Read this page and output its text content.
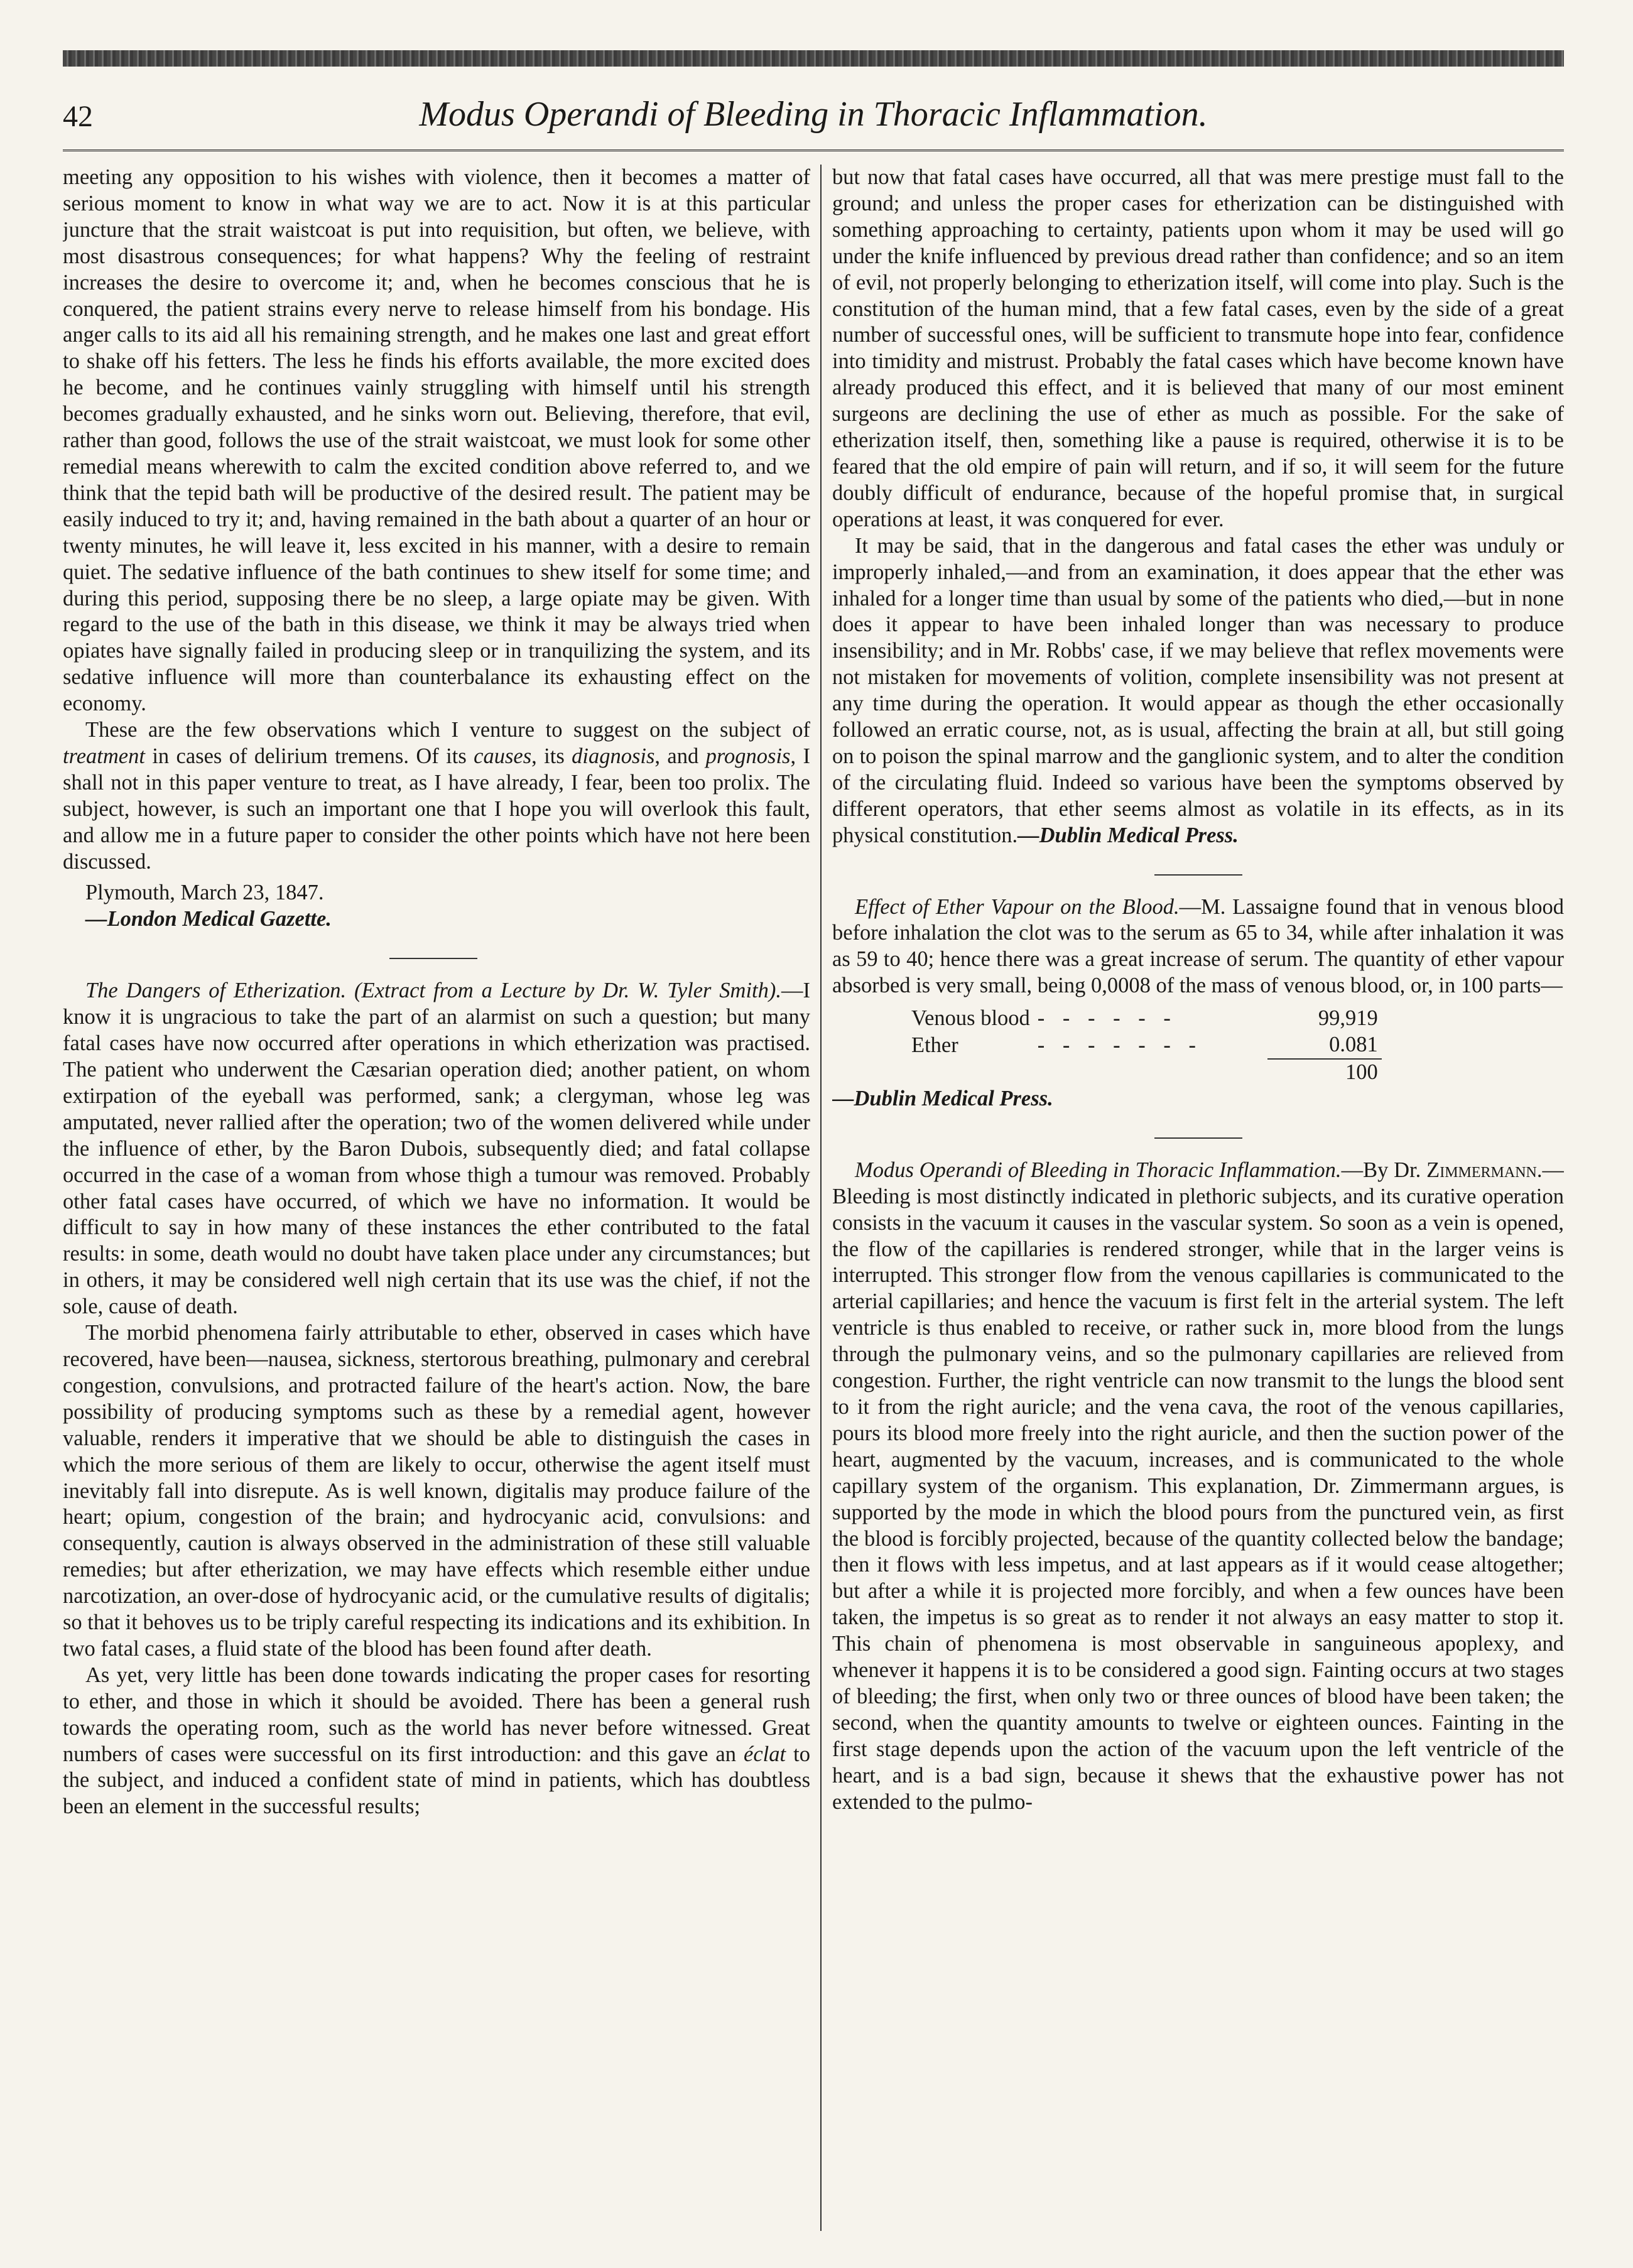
42	Modus Operandi of Bleeding in Thoracic Inflammation.

meeting any opposition to his wishes with violence, then it becomes a matter of serious moment to know in what way we are to act. Now it is at this particular juncture that the strait waistcoat is put into requisition, but often, we believe, with most disastrous consequences; for what happens? Why the feeling of restraint increases the desire to overcome it; and, when he becomes conscious that he is conquered, the patient strains every nerve to release himself from his bondage. His anger calls to its aid all his remaining strength, and he makes one last and great effort to shake off his fetters. The less he finds his efforts available, the more excited does he become, and he continues vainly struggling with himself until his strength becomes gradually exhausted, and he sinks worn out. Believing, therefore, that evil, rather than good, follows the use of the strait waistcoat, we must look for some other remedial means wherewith to calm the excited condition above referred to, and we think that the tepid bath will be productive of the desired result. The patient may be easily induced to try it; and, having remained in the bath about a quarter of an hour or twenty minutes, he will leave it, less excited in his manner, with a desire to remain quiet. The sedative influence of the bath continues to shew itself for some time; and during this period, supposing there be no sleep, a large opiate may be given. With regard to the use of the bath in this disease, we think it may be always tried when opiates have signally failed in producing sleep or in tranquilizing the system, and its sedative influence will more than counterbalance its exhausting effect on the economy.

These are the few observations which I venture to suggest on the subject of treatment in cases of delirium tremens. Of its causes, its diagnosis, and prognosis, I shall not in this paper venture to treat, as I have already, I fear, been too prolix. The subject, however, is such an important one that I hope you will overlook this fault, and allow me in a future paper to consider the other points which have not here been discussed.

Plymouth, March 23, 1847.

—London Medical Gazette.

The Dangers of Etherization. (Extract from a Lecture by Dr. W. Tyler Smith).—I know it is ungracious to take the part of an alarmist on such a question; but many fatal cases have now occurred after operations in which etherization was practised. The patient who underwent the Cæsarian operation died; another patient, on whom extirpation of the eyeball was performed, sank; a clergyman, whose leg was amputated, never rallied after the operation; two of the women delivered while under the influence of ether, by the Baron Dubois, subsequently died; and fatal collapse occurred in the case of a woman from whose thigh a tumour was removed. Probably other fatal cases have occurred, of which we have no information. It would be difficult to say in how many of these instances the ether contributed to the fatal results: in some, death would no doubt have taken place under any circumstances; but in others, it may be considered well nigh certain that its use was the chief, if not the sole, cause of death.

The morbid phenomena fairly attributable to ether, observed in cases which have recovered, have been—nausea, sickness, stertorous breathing, pulmonary and cerebral congestion, convulsions, and protracted failure of the heart's action. Now, the bare possibility of producing symptoms such as these by a remedial agent, however valuable, renders it imperative that we should be able to distinguish the cases in which the more serious of them are likely to occur, otherwise the agent itself must inevitably fall into disrepute. As is well known, digitalis may produce failure of the heart; opium, congestion of the brain; and hydrocyanic acid, convulsions: and consequently, caution is always observed in the administration of these still valuable remedies; but after etherization, we may have effects which resemble either undue narcotization, an over-dose of hydrocyanic acid, or the cumulative results of digitalis; so that it behoves us to be triply careful respecting its indications and its exhibition. In two fatal cases, a fluid state of the blood has been found after death.

As yet, very little has been done towards indicating the proper cases for resorting to ether, and those in which it should be avoided. There has been a general rush towards the operating room, such as the world has never before witnessed. Great numbers of cases were successful on its first introduction: and this gave an éclat to the subject, and induced a confident state of mind in patients, which has doubtless been an element in the successful results;

but now that fatal cases have occurred, all that was mere prestige must fall to the ground; and unless the proper cases for etherization can be distinguished with something approaching to certainty, patients upon whom it may be used will go under the knife influenced by previous dread rather than confidence; and so an item of evil, not properly belonging to etherization itself, will come into play. Such is the constitution of the human mind, that a few fatal cases, even by the side of a great number of successful ones, will be sufficient to transmute hope into fear, confidence into timidity and mistrust. Probably the fatal cases which have become known have already produced this effect, and it is believed that many of our most eminent surgeons are declining the use of ether as much as possible. For the sake of etherization itself, then, something like a pause is required, otherwise it is to be feared that the old empire of pain will return, and if so, it will seem for the future doubly difficult of endurance, because of the hopeful promise that, in surgical operations at least, it was conquered for ever.

It may be said, that in the dangerous and fatal cases the ether was unduly or improperly inhaled,—and from an examination, it does appear that the ether was inhaled for a longer time than usual by some of the patients who died,—but in none does it appear to have been inhaled longer than was necessary to produce insensibility; and in Mr. Robbs' case, if we may believe that reflex movements were not mistaken for movements of volition, complete insensibility was not present at any time during the operation. It would appear as though the ether occasionally followed an erratic course, not, as is usual, affecting the brain at all, but still going on to poison the spinal marrow and the ganglionic system, and to alter the condition of the circulating fluid. Indeed so various have been the symptoms observed by different operators, that ether seems almost as volatile in its effects, as in its physical constitution.—Dublin Medical Press.

Effect of Ether Vapour on the Blood.—M. Lassaigne found that in venous blood before inhalation the clot was to the serum as 65 to 34, while after inhalation it was as 59 to 40; hence there was a great increase of serum. The quantity of ether vapour absorbed is very small, being 0,0008 of the mass of venous blood, or, in 100 parts—

Venous blood	- - - - - -	99,919
Ether	- - - - - - -	0.081
		100

—Dublin Medical Press.

Modus Operandi of Bleeding in Thoracic Inflammation.—By Dr. Zimmermann.—Bleeding is most distinctly indicated in plethoric subjects, and its curative operation consists in the vacuum it causes in the vascular system. So soon as a vein is opened, the flow of the capillaries is rendered stronger, while that in the larger veins is interrupted. This stronger flow from the venous capillaries is communicated to the arterial capillaries; and hence the vacuum is first felt in the arterial system. The left ventricle is thus enabled to receive, or rather suck in, more blood from the lungs through the pulmonary veins, and so the pulmonary capillaries are relieved from congestion. Further, the right ventricle can now transmit to the lungs the blood sent to it from the right auricle; and the vena cava, the root of the venous capillaries, pours its blood more freely into the right auricle, and then the suction power of the heart, augmented by the vacuum, increases, and is communicated to the whole capillary system of the organism. This explanation, Dr. Zimmermann argues, is supported by the mode in which the blood pours from the punctured vein, as first the blood is forcibly projected, because of the quantity collected below the bandage; then it flows with less impetus, and at last appears as if it would cease altogether; but after a while it is projected more forcibly, and when a few ounces have been taken, the impetus is so great as to render it not always an easy matter to stop it. This chain of phenomena is most observable in sanguineous apoplexy, and whenever it happens it is to be considered a good sign. Fainting occurs at two stages of bleeding; the first, when only two or three ounces of blood have been taken; the second, when the quantity amounts to twelve or eighteen ounces. Fainting in the first stage depends upon the action of the vacuum upon the left ventricle of the heart, and is a bad sign, because it shews that the exhaustive power has not extended to the pulmo-
